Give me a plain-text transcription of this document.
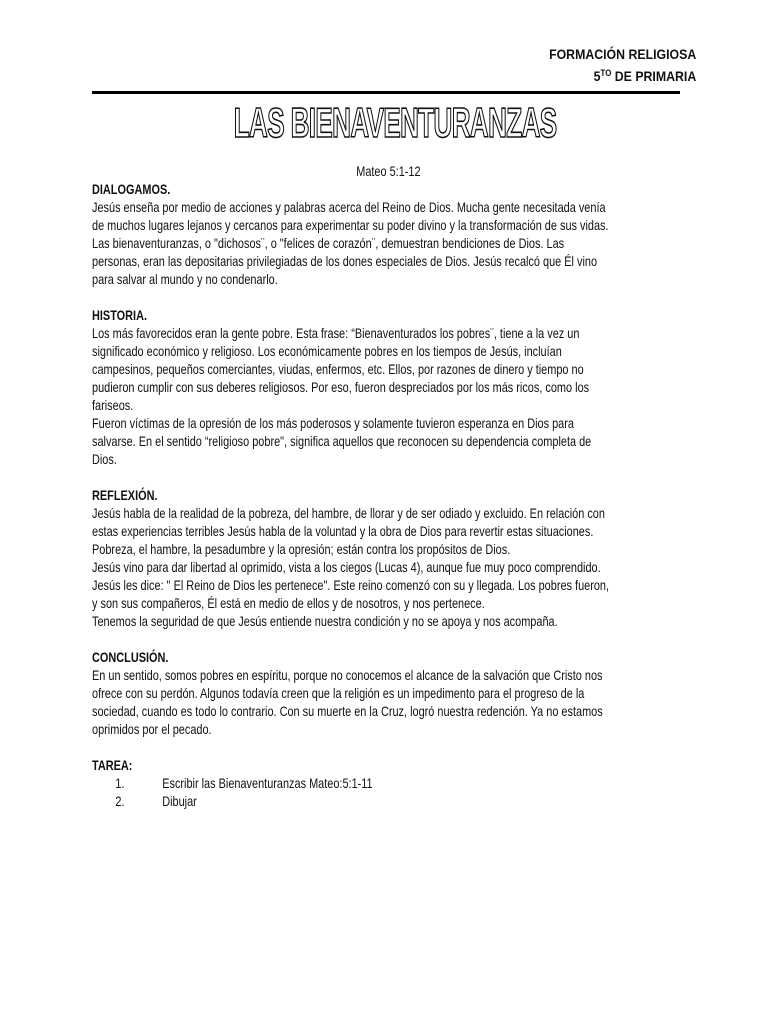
FORMACIÓN RELIGIOSA
$5^{TO}$ DE PRIMARIA
LAS BIENAVENTURANZAS
Mateo 5:1-12
DIALOGAMOS.
Jesús enseña por medio de acciones y palabras acerca del Reino de Dios. Mucha gente necesitada venía
de muchos lugares lejanos y cercanos para experimentar su poder divino y la transformación de sus vidas.
Las bienaventuranzas, o "dichosos¨, o "felices de corazón¨, demuestran bendiciones de Dios. Las
personas, eran las depositarias privilegiadas de los dones especiales de Dios. Jesús recalcó que Él vino
para salvar al mundo y no condenarlo.
HISTORIA.
Los más favorecidos eran la gente pobre. Esta frase: “Bienaventurados los pobres¨, tiene a la vez un
significado económico y religioso. Los económicamente pobres en los tiempos de Jesús, incluían
campesinos, pequeños comerciantes, viudas, enfermos, etc. Ellos, por razones de dinero y tiempo no
pudieron cumplir con sus deberes religiosos. Por eso, fueron despreciados por los más ricos, como los
fariseos.
Fueron víctimas de la opresión de los más poderosos y solamente tuvieron esperanza en Dios para
salvarse. En el sentido “religioso pobre", significa aquellos que reconocen su dependencia completa de
Dios.
REFLEXIÓN.
Jesús habla de la realidad de la pobreza, del hambre, de llorar y de ser odiado y excluido. En relación con
estas experiencias terribles Jesús habla de la voluntad y la obra de Dios para revertir estas situaciones.
Pobreza, el hambre, la pesadumbre y la opresión; están contra los propósitos de Dios.
Jesús vino para dar libertad al oprimido, vista a los ciegos (Lucas 4), aunque fue muy poco comprendido.
Jesús les dice: " El Reino de Dios les pertenece". Este reino comenzó con su y llegada. Los pobres fueron,
y son sus compañeros, Él está en medio de ellos y de nosotros, y nos pertenece.
Tenemos la seguridad de que Jesús entiende nuestra condición y no se apoya y nos acompaña.
CONCLUSIÓN.
En un sentido, somos pobres en espíritu, porque no conocemos el alcance de la salvación que Cristo nos
ofrece con su perdón. Algunos todavía creen que la religión es un impedimento para el progreso de la
sociedad, cuando es todo lo contrario. Con su muerte en la Cruz, logró nuestra redención. Ya no estamos
oprimidos por el pecado.
TAREA:
1.	Escribir las Bienaventuranzas Mateo:5:1-11
2.	Dibujar
